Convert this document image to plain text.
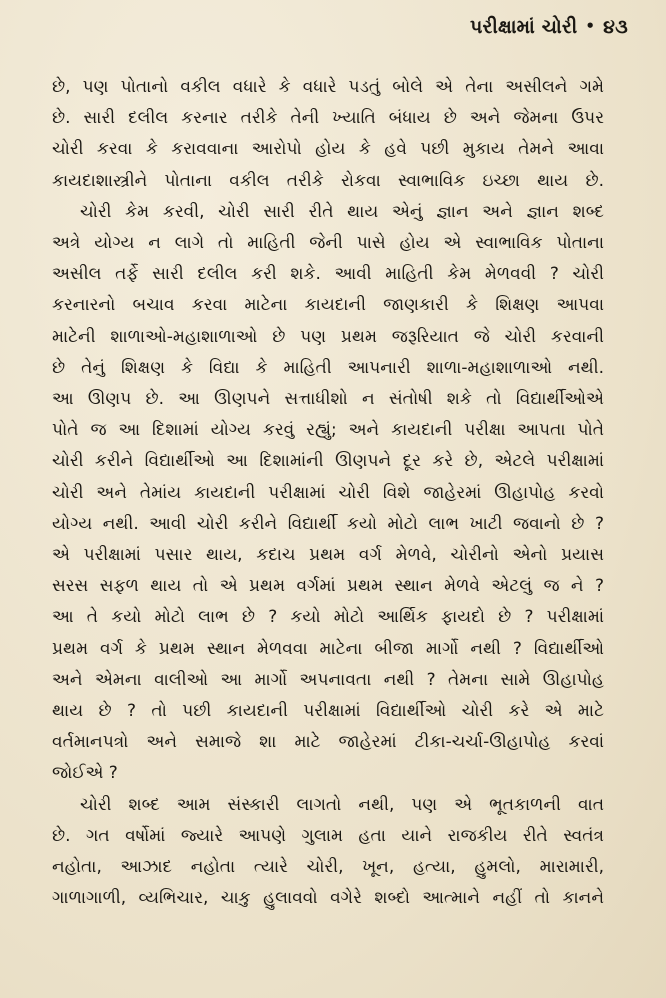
પરીક્ષામાં ચોરી • ૪૩
છે, પણ પોતાનો વકીલ વધારે કે વધારે પડતું બોલે એ તેના અસીલને ગમે
છે. સારી દલીલ કરનાર તરીકે તેની ખ્યાતિ બંધાય છે અને જેમના ઉપર
ચોરી કરવા કે કરાવવાના આરોપો હોય કે હવે પછી મુકાય તેમને આવા
કાયદાશાસ્ત્રીને પોતાના વકીલ તરીકે રોકવા સ્વાભાવિક ઇચ્છા થાય છે.
ચોરી કેમ કરવી, ચોરી સારી રીતે થાય એનું જ્ઞાન અને જ્ઞાન શબ્દ
અત્રે યોગ્ય ન લાગે તો માહિતી જેની પાસે હોય એ સ્વાભાવિક પોતાના
અસીલ તર્ફે સારી દલીલ કરી શકે. આવી માહિતી કેમ મેળવવી ? ચોરી
કરનારનો બચાવ કરવા માટેના કાયદાની જાણકારી કે શિક્ષણ આપવા
માટેની શાળાઓ-મહાશાળાઓ છે પણ પ્રથમ જરૂરિયાત જે ચોરી કરવાની
છે તેનું શિક્ષણ કે વિદ્યા કે માહિતી આપનારી શાળા-મહાશાળાઓ નથી.
આ ઊણપ છે. આ ઊણપને સત્તાધીશો ન સંતોષી શકે તો વિદ્યાર્થીઓએ
પોતે જ આ દિશામાં યોગ્ય કરવું રહ્યું; અને કાયદાની પરીક્ષા આપતા પોતે
ચોરી કરીને વિદ્યાર્થીઓ આ દિશામાંની ઊણપને દૂર કરે છે, એટલે પરીક્ષામાં
ચોરી અને તેમાંય કાયદાની પરીક્ષામાં ચોરી વિશે જાહેરમાં ઊહાપોહ કરવો
યોગ્ય નથી. આવી ચોરી કરીને વિદ્યાર્થી કયો મોટો લાભ ખાટી જવાનો છે ?
એ પરીક્ષામાં પસાર થાય, કદાચ પ્રથમ વર્ગ મેળવે, ચોરીનો એનો પ્રયાસ
સરસ સફળ થાય તો એ પ્રથમ વર્ગમાં પ્રથમ સ્થાન મેળવે એટલું જ ને ?
આ તે કયો મોટો લાભ છે ? કયો મોટો આર્થિક ફાયદો છે ? પરીક્ષામાં
પ્રથમ વર્ગ કે પ્રથમ સ્થાન મેળવવા માટેના બીજા માર્ગો નથી ? વિદ્યાર્થીઓ
અને એમના વાલીઓ આ માર્ગો અપનાવતા નથી ? તેમના સામે ઊહાપોહ
થાય છે ? તો પછી કાયદાની પરીક્ષામાં વિદ્યાર્થીઓ ચોરી કરે એ માટે
વર્તમાનપત્રો અને સમાજે શા માટે જાહેરમાં ટીકા-ચર્ચા-ઊહાપોહ કરવાં
જોઈએ ?
ચોરી શબ્દ આમ સંસ્કારી લાગતો નથી, પણ એ ભૂતકાળની વાત
છે. ગત વર્ષોમાં જ્યારે આપણે ગુલામ હતા યાને રાજકીય રીતે સ્વતંત્ર
નહોતા, આઝાદ નહોતા ત્યારે ચોરી, ખૂન, હત્યા, હુમલો, મારામારી,
ગાળાગાળી, વ્યભિચાર, ચાકુ હુલાવવો વગેરે શબ્દો આત્માને નહીં તો કાનને
